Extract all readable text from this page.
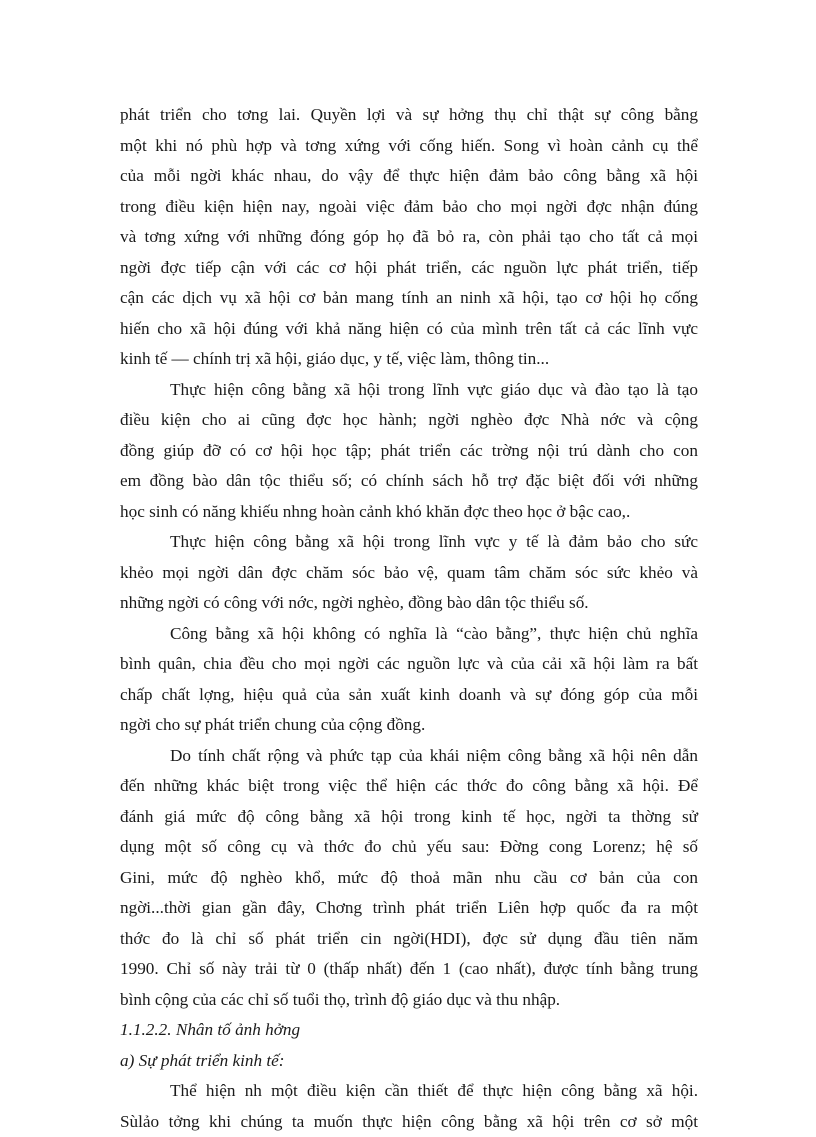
phát triển cho tơng lai. Quyền lợi và sự hởng thụ chỉ thật sự công bằng
một khi nó phù hợp và tơng xứng với cống hiến. Song vì hoàn cảnh cụ thể
của mỗi ngời khác nhau, do vậy để thực hiện đảm bảo công bằng xã hội
trong điều kiện hiện nay, ngoài việc đảm bảo cho mọi ngời đợc nhận đúng
và tơng xứng với những đóng góp họ đã bỏ ra, còn phải tạo cho tất cả mọi
ngời đợc tiếp cận với các cơ hội phát triển, các nguồn lực phát triển, tiếp
cận các dịch vụ xã hội cơ bản mang tính an ninh xã hội, tạo cơ hội họ cống
hiến cho xã hội đúng với khả năng hiện có của mình trên tất cả các lĩnh vực
kinh tế — chính trị xã hội, giáo dục, y tế, việc làm, thông tin...
Thực hiện công bằng xã hội trong lĩnh vực giáo dục và đào tạo là tạo
điều kiện cho ai cũng đợc học hành; ngời nghèo đợc Nhà nớc và cộng
đồng giúp đỡ có cơ hội học tập; phát triển các trờng nội trú dành cho con
em đồng bào dân tộc thiểu số; có chính sách hỗ trợ đặc biệt đối với những
học sinh có năng khiếu nhng hoàn cảnh khó khăn đợc theo học ở bậc cao,.
Thực hiện công bằng xã hội trong lĩnh vực y tế là đảm bảo cho sức
khẻo mọi ngời dân đợc chăm sóc bảo vệ, quam tâm chăm sóc sức khẻo và
những ngời có công với nớc, ngời nghèo, đồng bào dân tộc thiểu số.
Công bằng xã hội không có nghĩa là “cào bằng”, thực hiện chủ nghĩa
bình quân, chia đều cho mọi ngời các nguồn lực và của cải xã hội làm ra bất
chấp chất lợng, hiệu quả của sản xuất kinh doanh và sự đóng góp của mỗi
ngời cho sự phát triển chung của cộng đồng.
Do tính chất rộng và phức tạp của khái niệm công bằng xã hội nên dẫn
đến những khác biệt trong việc thể hiện các thớc đo công bằng xã hội. Để
đánh giá mức độ công bằng xã hội trong kinh tế học, ngời ta thờng sử
dụng một số công cụ và thớc đo chủ yếu sau: Đờng cong Lorenz; hệ số
Gini, mức độ nghèo khổ, mức độ thoả mãn nhu cầu cơ bản của con
ngời...thời gian gần đây, Chơng trình phát triển Liên hợp quốc đa ra một
thớc đo là chỉ số phát triển cin ngời(HDI), đợc sử dụng đầu tiên năm
1990. Chỉ số này trải từ 0 (thấp nhất) đến 1 (cao nhất), được tính bằng trung
bình cộng của các chỉ số tuổi thọ, trình độ giáo dục và thu nhập.
1.1.2.2. Nhân tố ảnh hởng
a) Sự phát triển kinh tế:
Thể hiện nh một điều kiện cần thiết để thực hiện công bằng xã hội.
Sùlảo tởng khi chúng ta muốn thực hiện công bằng xã hội trên cơ sở một
